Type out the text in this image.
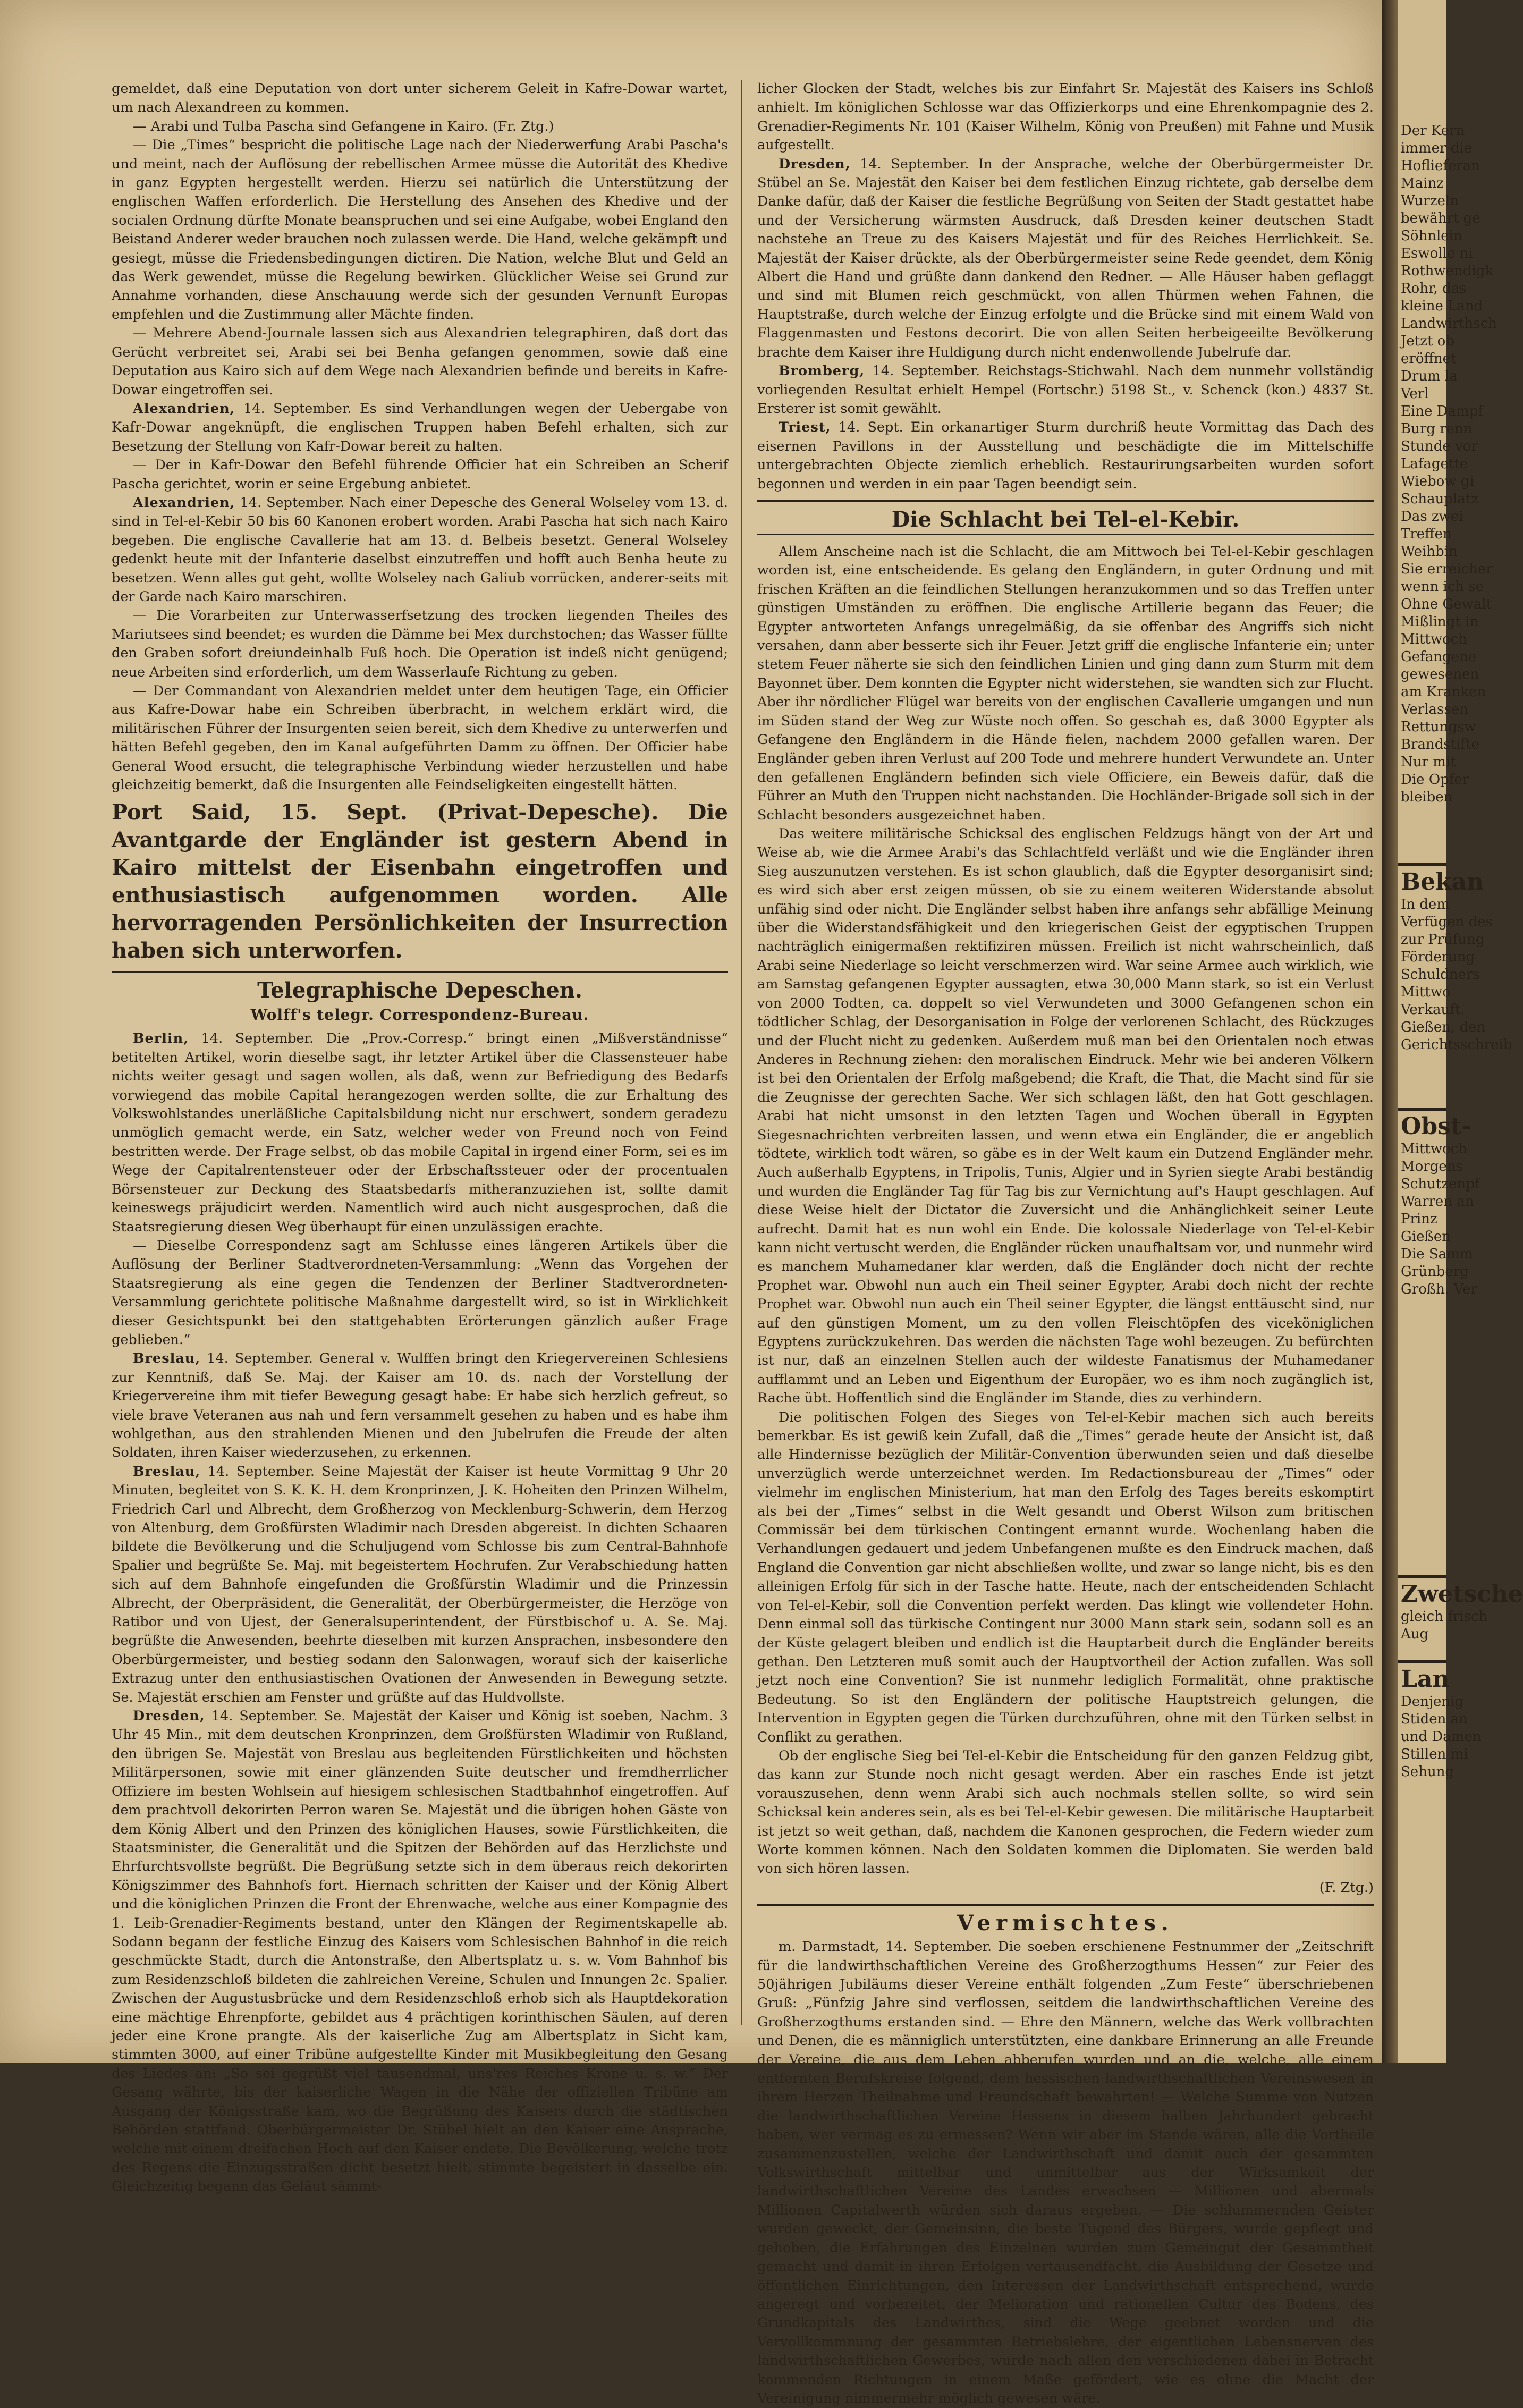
gemeldet, daß eine Deputation von dort unter sicherem Geleit in Kafre-Dowar wartet, um nach Alexandreen zu kommen.

— Arabi und Tulba Pascha sind Gefangene in Kairo. (Fr. Ztg.)

— Die „Times“ bespricht die politische Lage nach der Niederwerfung Arabi Pascha's und meint, nach der Auflösung der rebellischen Armee müsse die Autorität des Khedive in ganz Egypten hergestellt werden. Hierzu sei natürlich die Unterstützung der englischen Waffen erforderlich. Die Herstellung des Ansehen des Khedive und der socialen Ordnung dürfte Monate beanspruchen und sei eine Aufgabe, wobei England den Beistand Anderer weder brauchen noch zulassen werde. Die Hand, welche gekämpft und gesiegt, müsse die Friedensbedingungen dictiren. Die Nation, welche Blut und Geld an das Werk gewendet, müsse die Regelung bewirken. Glücklicher Weise sei Grund zur Annahme vorhanden, diese Anschauung werde sich der gesunden Vernunft Europas empfehlen und die Zustimmung aller Mächte finden.

— Mehrere Abend-Journale lassen sich aus Alexandrien telegraphiren, daß dort das Gerücht verbreitet sei, Arabi sei bei Benha gefangen genommen, sowie daß eine Deputation aus Kairo sich auf dem Wege nach Alexandrien befinde und bereits in Kafre-Dowar eingetroffen sei.

Alexandrien, 14. September. Es sind Verhandlungen wegen der Uebergabe von Kafr-Dowar angeknüpft, die englischen Truppen haben Befehl erhalten, sich zur Besetzung der Stellung von Kafr-Dowar bereit zu halten.

— Der in Kafr-Dowar den Befehl führende Officier hat ein Schreiben an Scherif Pascha gerichtet, worin er seine Ergebung anbietet.

Alexandrien, 14. September. Nach einer Depesche des General Wolseley vom 13. d. sind in Tel-el-Kebir 50 bis 60 Kanonen erobert worden. Arabi Pascha hat sich nach Kairo begeben. Die englische Cavallerie hat am 13. d. Belbeis besetzt. General Wolseley gedenkt heute mit der Infanterie daselbst einzutreffen und hofft auch Benha heute zu besetzen. Wenn alles gut geht, wollte Wolseley nach Galiub vorrücken, anderer-seits mit der Garde nach Kairo marschiren.

— Die Vorarbeiten zur Unterwasserfsetzung des trocken liegenden Theiles des Mariutsees sind beendet; es wurden die Dämme bei Mex durchstochen; das Wasser füllte den Graben sofort dreiundeinhalb Fuß hoch. Die Operation ist indeß nicht genügend; neue Arbeiten sind erforderlich, um dem Wasserlaufe Richtung zu geben.

— Der Commandant von Alexandrien meldet unter dem heutigen Tage, ein Officier aus Kafre-Dowar habe ein Schreiben überbracht, in welchem erklärt wird, die militärischen Führer der Insurgenten seien bereit, sich dem Khedive zu unterwerfen und hätten Befehl gegeben, den im Kanal aufgeführten Damm zu öffnen. Der Officier habe General Wood ersucht, die telegraphische Verbindung wieder herzustellen und habe gleichzeitig bemerkt, daß die Insurgenten alle Feindseligkeiten eingestellt hätten.

Port Said, 15. Sept. (Privat-Depesche). Die Avantgarde der Engländer ist gestern Abend in Kairo mittelst der Eisenbahn eingetroffen und enthusiastisch aufgenommen worden. Alle hervorragenden Persönlichkeiten der Insurrection haben sich unterworfen.

Telegraphische Depeschen.
Wolff's telegr. Correspondenz-Bureau.

Berlin, 14. September. Die „Prov.-Corresp.“ bringt einen „Mißverständnisse“ betitelten Artikel, worin dieselbe sagt, ihr letzter Artikel über die Classensteuer habe nichts weiter gesagt und sagen wollen, als daß, wenn zur Befriedigung des Bedarfs vorwiegend das mobile Capital herangezogen werden sollte, die zur Erhaltung des Volkswohlstandes unerläßliche Capitalsbildung nicht nur erschwert, sondern geradezu unmöglich gemacht werde, ein Satz, welcher weder von Freund noch von Feind bestritten werde. Der Frage selbst, ob das mobile Capital in irgend einer Form, sei es im Wege der Capitalrentensteuer oder der Erbschaftssteuer oder der procentualen Börsensteuer zur Deckung des Staatsbedarfs mitheranzuziehen ist, sollte damit keineswegs präjudicirt werden. Namentlich wird auch nicht ausgesprochen, daß die Staatsregierung diesen Weg überhaupt für einen unzulässigen erachte.

— Dieselbe Correspondenz sagt am Schlusse eines längeren Artikels über die Auflösung der Berliner Stadtverordneten-Versammlung: „Wenn das Vorgehen der Staatsregierung als eine gegen die Tendenzen der Berliner Stadtverordneten-Versammlung gerichtete politische Maßnahme dargestellt wird, so ist in Wirklichkeit dieser Gesichtspunkt bei den stattgehabten Erörterungen gänzlich außer Frage geblieben.“

Breslau, 14. September. General v. Wulffen bringt den Kriegervereinen Schlesiens zur Kenntniß, daß Se. Maj. der Kaiser am 10. ds. nach der Vorstellung der Kriegervereine ihm mit tiefer Bewegung gesagt habe: Er habe sich herzlich gefreut, so viele brave Veteranen aus nah und fern versammelt gesehen zu haben und es habe ihm wohlgethan, aus den strahlenden Mienen und den Jubelrufen die Freude der alten Soldaten, ihren Kaiser wiederzusehen, zu erkennen.

Breslau, 14. September. Seine Majestät der Kaiser ist heute Vormittag 9 Uhr 20 Minuten, begleitet von S. K. K. H. dem Kronprinzen, J. K. Hoheiten den Prinzen Wilhelm, Friedrich Carl und Albrecht, dem Großherzog von Mecklenburg-Schwerin, dem Herzog von Altenburg, dem Großfürsten Wladimir nach Dresden abgereist. In dichten Schaaren bildete die Bevölkerung und die Schuljugend vom Schlosse bis zum Central-Bahnhofe Spalier und begrüßte Se. Maj. mit begeistertem Hochrufen. Zur Verabschiedung hatten sich auf dem Bahnhofe eingefunden die Großfürstin Wladimir und die Prinzessin Albrecht, der Oberpräsident, die Generalität, der Oberbürgermeister, die Herzöge von Ratibor und von Ujest, der Generalsuperintendent, der Fürstbischof u. A. Se. Maj. begrüßte die Anwesenden, beehrte dieselben mit kurzen Ansprachen, insbesondere den Oberbürgermeister, und bestieg sodann den Salonwagen, worauf sich der kaiserliche Extrazug unter den enthusiastischen Ovationen der Anwesenden in Bewegung setzte. Se. Majestät erschien am Fenster und grüßte auf das Huldvollste.

Dresden, 14. September. Se. Majestät der Kaiser und König ist soeben, Nachm. 3 Uhr 45 Min., mit dem deutschen Kronprinzen, dem Großfürsten Wladimir von Rußland, den übrigen Se. Majestät von Breslau aus begleitenden Fürstlichkeiten und höchsten Militärpersonen, sowie mit einer glänzenden Suite deutscher und fremdherrlicher Offiziere im besten Wohlsein auf hiesigem schlesischen Stadtbahnhof eingetroffen. Auf dem prachtvoll dekorirten Perron waren Se. Majestät und die übrigen hohen Gäste von dem König Albert und den Prinzen des königlichen Hauses, sowie Fürstlichkeiten, die Staatsminister, die Generalität und die Spitzen der Behörden auf das Herzlichste und Ehrfurchtsvollste begrüßt. Die Begrüßung setzte sich in dem überaus reich dekorirten Königszimmer des Bahnhofs fort. Hiernach schritten der Kaiser und der König Albert und die königlichen Prinzen die Front der Ehrenwache, welche aus einer Kompagnie des 1. Leib-Grenadier-Regiments bestand, unter den Klängen der Regimentskapelle ab. Sodann begann der festliche Einzug des Kaisers vom Schlesischen Bahnhof in die reich geschmückte Stadt, durch die Antonstraße, den Albertsplatz u. s. w. Vom Bahnhof bis zum Residenzschloß bildeten die zahlreichen Vereine, Schulen und Innungen 2c. Spalier. Zwischen der Augustusbrücke und dem Residenzschloß erhob sich als Hauptdekoration eine mächtige Ehrenpforte, gebildet aus 4 prächtigen korinthischen Säulen, auf deren jeder eine Krone prangte. Als der kaiserliche Zug am Albertsplatz in Sicht kam, stimmten 3000, auf einer Tribüne aufgestellte Kinder mit Musikbegleitung den Gesang des Liedes an: „So sei gegrüßt viel tausendmal, uns'res Reiches Krone u. s. w.“ Der Gesang währte, bis der kaiserliche Wagen in die Nähe der offiziellen Tribüne am Ausgang der Königsstraße kam, wo die Begrüßung des Kaisers durch die städtischen Behörden stattfand. Oberbürgermeister Dr. Stübel hielt an den Kaiser eine Ansprache, welche mit einem dreifachen Hoch auf den Kaiser endete. Die Bevölkerung, welche trotz des Regens die Einzugsstraßen dicht besetzt hielt, stimmte begeistert in dasselbe ein. Gleichzeitig begann das Geläut sämmt-

licher Glocken der Stadt, welches bis zur Einfahrt Sr. Majestät des Kaisers ins Schloß anhielt. Im königlichen Schlosse war das Offizierkorps und eine Ehrenkompagnie des 2. Grenadier-Regiments Nr. 101 (Kaiser Wilhelm, König von Preußen) mit Fahne und Musik aufgestellt.

Dresden, 14. September. In der Ansprache, welche der Oberbürgermeister Dr. Stübel an Se. Majestät den Kaiser bei dem festlichen Einzug richtete, gab derselbe dem Danke dafür, daß der Kaiser die festliche Begrüßung von Seiten der Stadt gestattet habe und der Versicherung wärmsten Ausdruck, daß Dresden keiner deutschen Stadt nachstehe an Treue zu des Kaisers Majestät und für des Reiches Herrlichkeit. Se. Majestät der Kaiser drückte, als der Oberbürgermeister seine Rede geendet, dem König Albert die Hand und grüßte dann dankend den Redner. — Alle Häuser haben geflaggt und sind mit Blumen reich geschmückt, von allen Thürmen wehen Fahnen, die Hauptstraße, durch welche der Einzug erfolgte und die Brücke sind mit einem Wald von Flaggenmasten und Festons decorirt. Die von allen Seiten herbeigeeilte Bevölkerung brachte dem Kaiser ihre Huldigung durch nicht endenwollende Jubelrufe dar.

Bromberg, 14. September. Reichstags-Stichwahl. Nach dem nunmehr vollständig vorliegenden Resultat erhielt Hempel (Fortschr.) 5198 St., v. Schenck (kon.) 4837 St. Ersterer ist somit gewählt.

Triest, 14. Sept. Ein orkanartiger Sturm durchriß heute Vormittag das Dach des eisernen Pavillons in der Ausstellung und beschädigte die im Mittelschiffe untergebrachten Objecte ziemlich erheblich. Restaurirungsarbeiten wurden sofort begonnen und werden in ein paar Tagen beendigt sein.

Die Schlacht bei Tel-el-Kebir.

Allem Anscheine nach ist die Schlacht, die am Mittwoch bei Tel-el-Kebir geschlagen worden ist, eine entscheidende. Es gelang den Engländern, in guter Ordnung und mit frischen Kräften an die feindlichen Stellungen heranzukommen und so das Treffen unter günstigen Umständen zu eröffnen. Die englische Artillerie begann das Feuer; die Egypter antworteten Anfangs unregelmäßig, da sie offenbar des Angriffs sich nicht versahen, dann aber besserte sich ihr Feuer. Jetzt griff die englische Infanterie ein; unter stetem Feuer näherte sie sich den feindlichen Linien und ging dann zum Sturm mit dem Bayonnet über. Dem konnten die Egypter nicht widerstehen, sie wandten sich zur Flucht. Aber ihr nördlicher Flügel war bereits von der englischen Cavallerie umgangen und nun im Süden stand der Weg zur Wüste noch offen. So geschah es, daß 3000 Egypter als Gefangene den Engländern in die Hände fielen, nachdem 2000 gefallen waren. Der Engländer geben ihren Verlust auf 200 Tode und mehrere hundert Verwundete an. Unter den gefallenen Engländern befinden sich viele Officiere, ein Beweis dafür, daß die Führer an Muth den Truppen nicht nachstanden. Die Hochländer-Brigade soll sich in der Schlacht besonders ausgezeichnet haben.

Das weitere militärische Schicksal des englischen Feldzugs hängt von der Art und Weise ab, wie die Armee Arabi's das Schlachtfeld verläßt und wie die Engländer ihren Sieg auszunutzen verstehen. Es ist schon glaublich, daß die Egypter desorganisirt sind; es wird sich aber erst zeigen müssen, ob sie zu einem weiteren Widerstande absolut unfähig sind oder nicht. Die Engländer selbst haben ihre anfangs sehr abfällige Meinung über die Widerstandsfähigkeit und den kriegerischen Geist der egyptischen Truppen nachträglich einigermaßen rektifiziren müssen. Freilich ist nicht wahrscheinlich, daß Arabi seine Niederlage so leicht verschmerzen wird. War seine Armee auch wirklich, wie am Samstag gefangenen Egypter aussagten, etwa 30,000 Mann stark, so ist ein Verlust von 2000 Todten, ca. doppelt so viel Verwundeten und 3000 Gefangenen schon ein tödtlicher Schlag, der Desorganisation in Folge der verlorenen Schlacht, des Rückzuges und der Flucht nicht zu gedenken. Außerdem muß man bei den Orientalen noch etwas Anderes in Rechnung ziehen: den moralischen Eindruck. Mehr wie bei anderen Völkern ist bei den Orientalen der Erfolg maßgebend; die Kraft, die That, die Macht sind für sie die Zeugnisse der gerechten Sache. Wer sich schlagen läßt, den hat Gott geschlagen. Arabi hat nicht umsonst in den letzten Tagen und Wochen überall in Egypten Siegesnachrichten verbreiten lassen, und wenn etwa ein Engländer, die er angeblich tödtete, wirklich todt wären, so gäbe es in der Welt kaum ein Dutzend Engländer mehr. Auch außerhalb Egyptens, in Tripolis, Tunis, Algier und in Syrien siegte Arabi beständig und wurden die Engländer Tag für Tag bis zur Vernichtung auf's Haupt geschlagen. Auf diese Weise hielt der Dictator die Zuversicht und die Anhänglichkeit seiner Leute aufrecht. Damit hat es nun wohl ein Ende. Die kolossale Niederlage von Tel-el-Kebir kann nicht vertuscht werden, die Engländer rücken unaufhaltsam vor, und nunmehr wird es manchem Muhamedaner klar werden, daß die Engländer doch nicht der rechte Prophet war. Obwohl nun auch ein Theil seiner Egypter, Arabi doch nicht der rechte Prophet war. Obwohl nun auch ein Theil seiner Egypter, die längst enttäuscht sind, nur auf den günstigen Moment, um zu den vollen Fleischtöpfen des viceköniglichen Egyptens zurückzukehren. Das werden die nächsten Tage wohl bezeugen. Zu befürchten ist nur, daß an einzelnen Stellen auch der wildeste Fanatismus der Muhamedaner aufflammt und an Leben und Eigenthum der Europäer, wo es ihm noch zugänglich ist, Rache übt. Hoffentlich sind die Engländer im Stande, dies zu verhindern.

Die politischen Folgen des Sieges von Tel-el-Kebir machen sich auch bereits bemerkbar. Es ist gewiß kein Zufall, daß die „Times“ gerade heute der Ansicht ist, daß alle Hindernisse bezüglich der Militär-Convention überwunden seien und daß dieselbe unverzüglich werde unterzeichnet werden. Im Redactionsbureau der „Times“ oder vielmehr im englischen Ministerium, hat man den Erfolg des Tages bereits eskomptirt als bei der „Times“ selbst in die Welt gesandt und Oberst Wilson zum britischen Commissär bei dem türkischen Contingent ernannt wurde. Wochenlang haben die Verhandlungen gedauert und jedem Unbefangenen mußte es den Eindruck machen, daß England die Convention gar nicht abschließen wollte, und zwar so lange nicht, bis es den alleinigen Erfolg für sich in der Tasche hatte. Heute, nach der entscheidenden Schlacht von Tel-el-Kebir, soll die Convention perfekt werden. Das klingt wie vollendeter Hohn. Denn einmal soll das türkische Contingent nur 3000 Mann stark sein, sodann soll es an der Küste gelagert bleiben und endlich ist die Hauptarbeit durch die Engländer bereits gethan. Den Letzteren muß somit auch der Hauptvortheil der Action zufallen. Was soll jetzt noch eine Convention? Sie ist nunmehr lediglich Formalität, ohne praktische Bedeutung. So ist den Engländern der politische Hauptstreich gelungen, die Intervention in Egypten gegen die Türken durchzuführen, ohne mit den Türken selbst in Conflikt zu gerathen.

Ob der englische Sieg bei Tel-el-Kebir die Entscheidung für den ganzen Feldzug gibt, das kann zur Stunde noch nicht gesagt werden. Aber ein rasches Ende ist jetzt vorauszusehen, denn wenn Arabi sich auch nochmals stellen sollte, so wird sein Schicksal kein anderes sein, als es bei Tel-el-Kebir gewesen. Die militärische Hauptarbeit ist jetzt so weit gethan, daß, nachdem die Kanonen gesprochen, die Federn wieder zum Worte kommen können. Nach den Soldaten kommen die Diplomaten. Sie werden bald von sich hören lassen.

(F. Ztg.)

Vermischtes.

m. Darmstadt, 14. September. Die soeben erschienene Festnummer der „Zeitschrift für die landwirthschaftlichen Vereine des Großherzogthums Hessen“ zur Feier des 50jährigen Jubiläums dieser Vereine enthält folgenden „Zum Feste“ überschriebenen Gruß: „Fünfzig Jahre sind verflossen, seitdem die landwirthschaftlichen Vereine des Großherzogthums erstanden sind. — Ehre den Männern, welche das Werk vollbrachten und Denen, die es männiglich unterstützten, eine dankbare Erinnerung an alle Freunde der Vereine, die aus dem Leben abberufen wurden und an die, welche, alle einem entfernten Berufskreise folgend, dem hessischen landwirthschaftlichen Vereinswesen in ihrem Herzen Theilnahme und Freundschaft bewahrten! — Welche Summe von Nutzen die landwirthschaftlichen Vereine Hessens in diesem halben Jahrhundert gebracht haben, wer vermag es zu ermessen? Wenn wir aber im Stande wären, alle die Vortheile zusammenzustellen, welche der Landwirthschaft und damit auch der gesammten Volkswirthschaft mittelbar und unmittelbar aus der Wirksamkeit der landwirthschaftlichen Vereine des Landes erwachsen — Millionen und abermals Millionen Capitalwerth würden sich daraus ergeben. — Die schlummernden Geister wurden geweckt, der Gemeinsinn, die beste Tugend des Bürgers, wurde gepflegt und gehoben, die Erfahrungen des Einzelnen wurden zum Gemeingut der Gesammtheit gemacht und damit in ihren Erfolgen vertausendfacht, die Ausbildung der Gesetze und öffentlichen Einrichtungen, den Interessen der Landwirthschaft entsprechend, wurde angeregt und vorbereitet, der Melioration und rationellen Cultur des Bodens, des Grundkapitals des Landwirthes, sind die Wege geebnet worden und die Vervollkommnung der gesammten Betriebslehre, der eigentlichen Lebensnerven des landwirthschaftlichen Gewerbes, wurde nach allen den verschiedenen dabei in Betracht kommenden Richtungen in einem Maße gefördert, wie es ohne die Macht der Vereinigung nimmermehr möglich gewesen wäre.

Der Kern
immer die
Hoflieferan
Mainz
Wurzeln
bewährt ge
Söhnlein
Eswolle ni
Rothwendigk
Rohr, das
kleine Land
Landwirthsch
Jetzt ob
eröffnet
Drum la
Verl
Eine Dampf
Burg renn
Stunde vor
Lafagette
Wiebow gi
Schauplatz
Das zwei
Treffen
Weihbin
Sie erreicher
wenn ich se
Ohne Gewalt
Mißlingt in
Mittwoch
Gefangene
gewesenen
am Kranken
Verlassen
Rettungsw
Brandstifte
Nur mit
Die Opfer
bleiben
Bekan
In dem
Verfügen des
zur Prüfung
Förderung
Schuldners
Mittwo
Verkauft.
Gießen, den
Gerichtsschreib
Obst-
Mittwoch
Morgens
Schutzenpf
Warren an
Prinz
Gießen
Die Samm
Grünberg
Großh. Ver
Zwetsche
gleich frisch
Aug
Lan
Denjenig
Stiden an
und Damen
Stillen mi
Sehung
